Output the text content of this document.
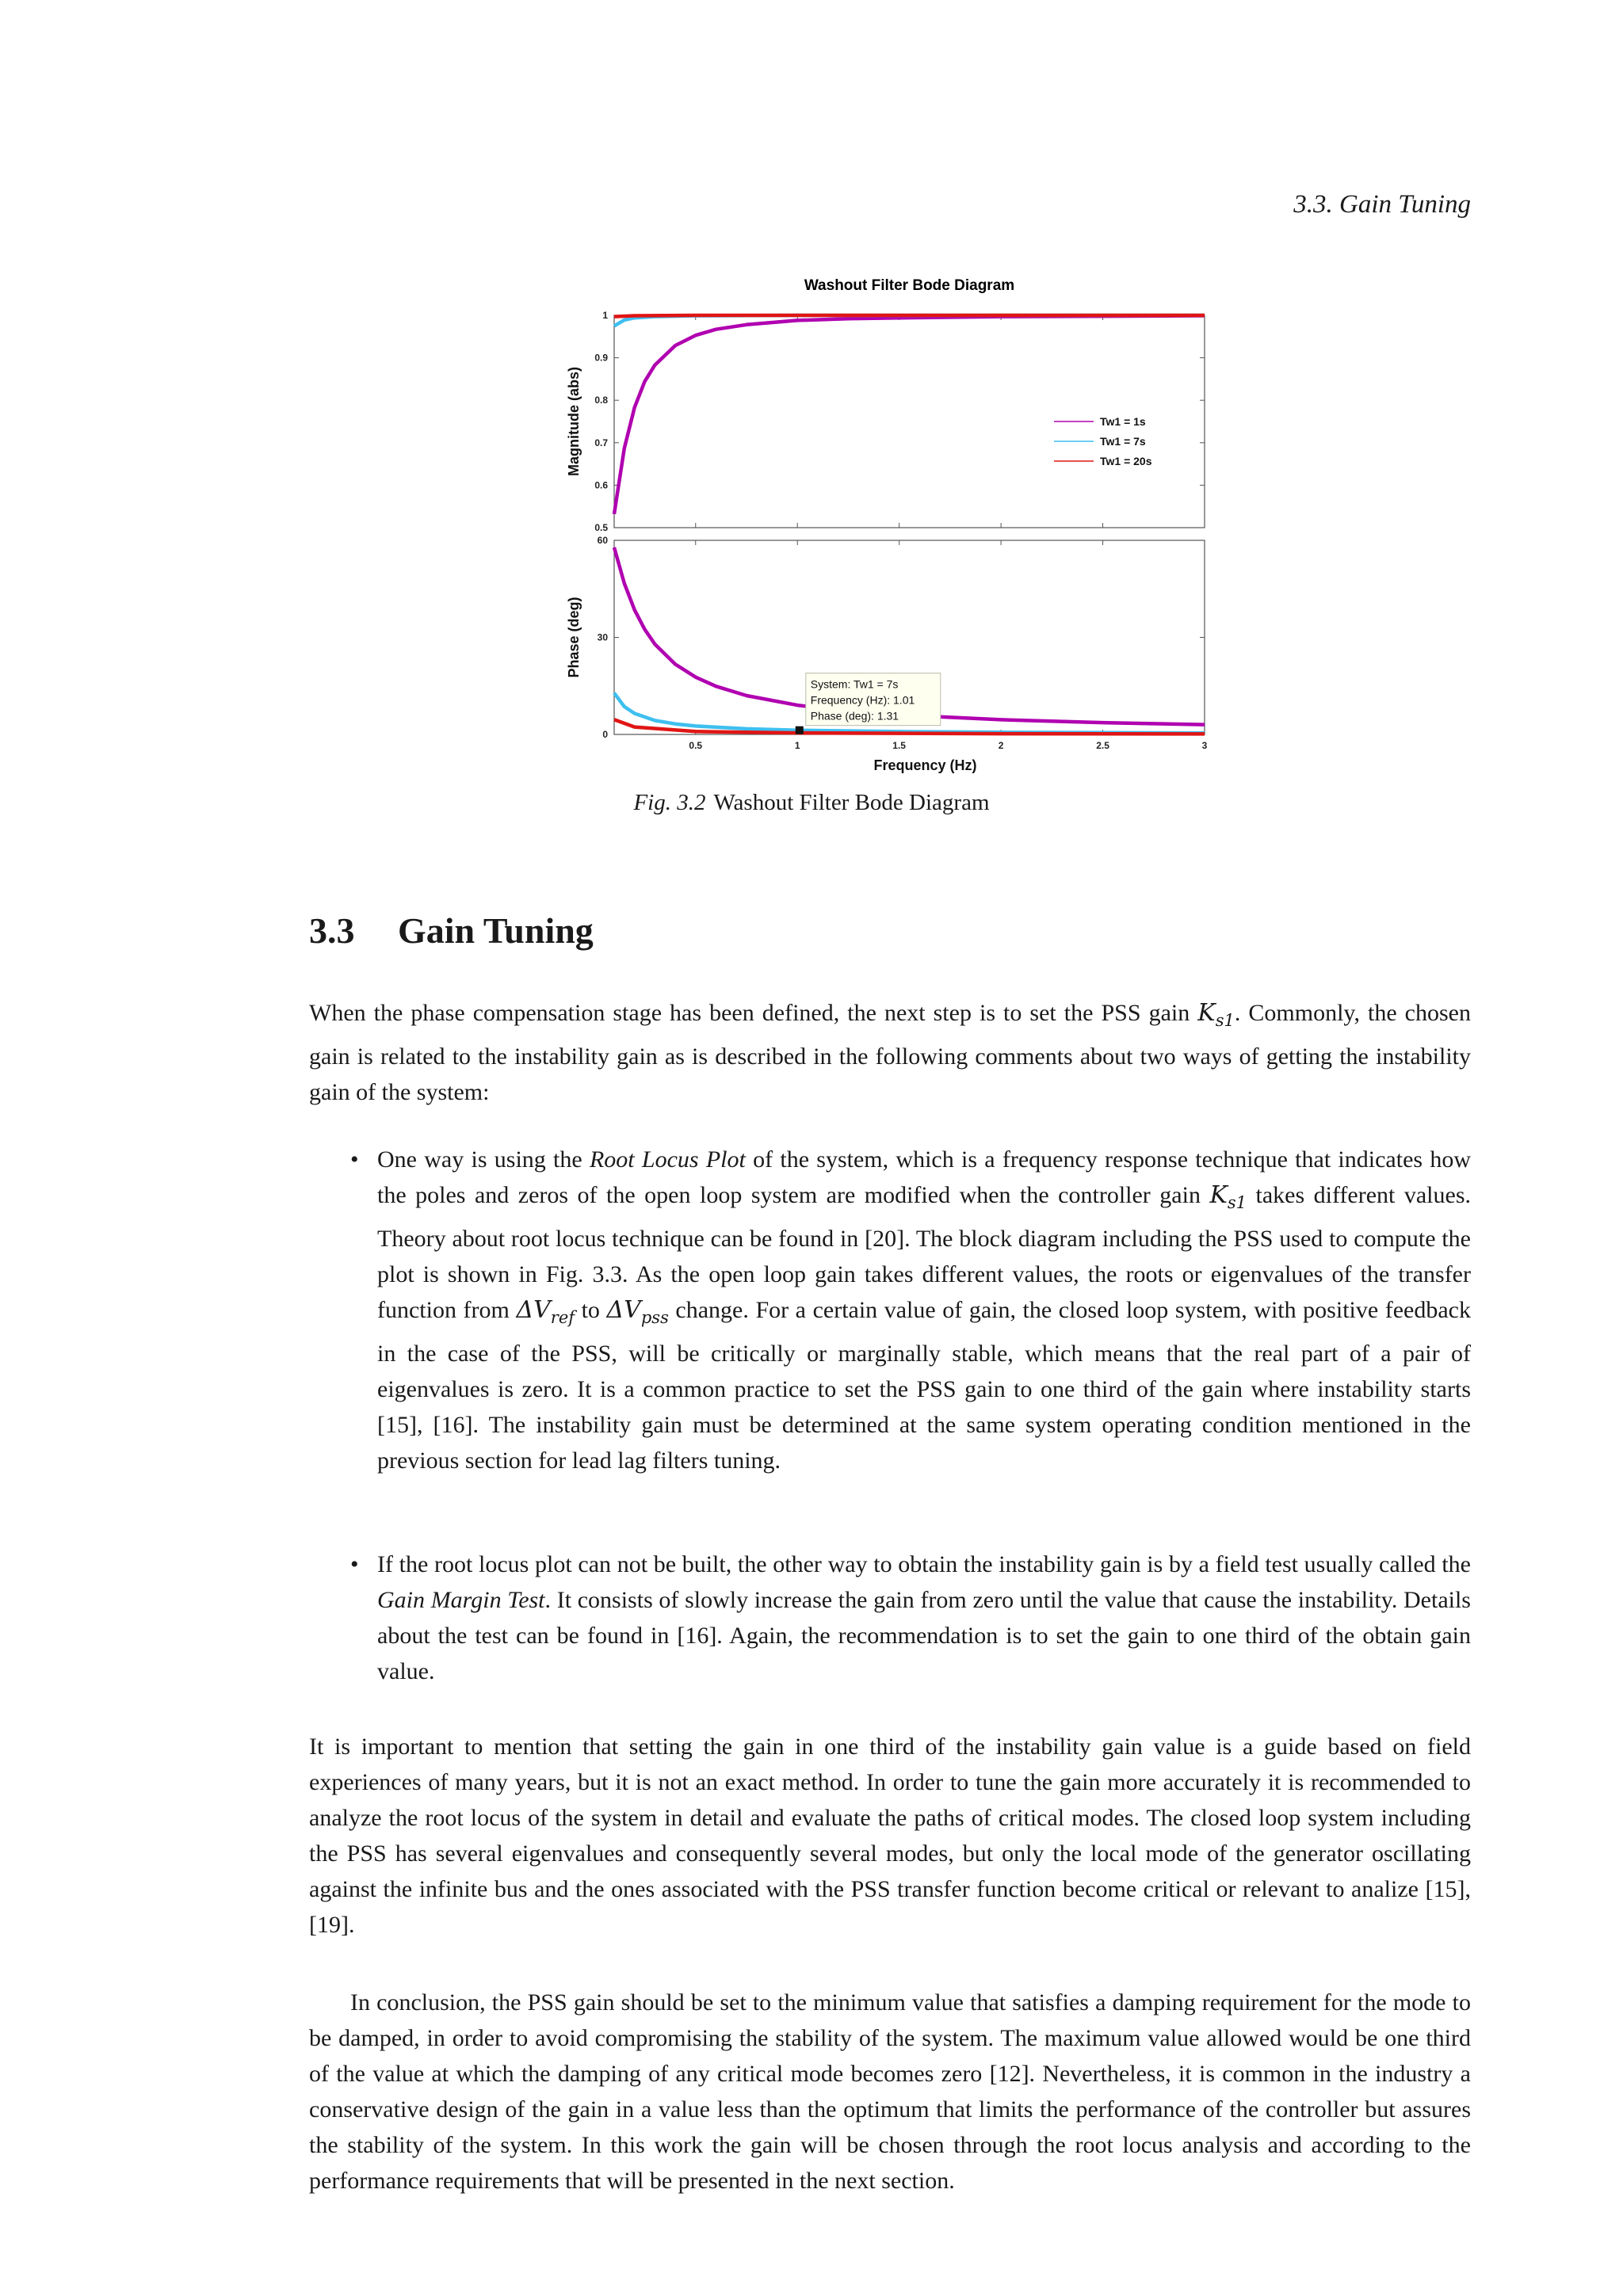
3.3. Gain Tuning
Washout Filter Bode Diagram
0.5
0.6
0.7
0.8
0.9
1
Magnitude (abs)
0
30
60
Phase (deg)
0.5	1	1.5	2	2.5	3
Frequency (Hz)
Tw1 = 1s
Tw1 = 7s
Tw1 = 20s
System: Tw1 = 7s
Frequency (Hz): 1.01
Phase (deg): 1.31
Fig. 3.2 Washout Filter Bode Diagram
3.3 Gain Tuning

When the phase compensation stage has been defined, the next step is to set the PSS gain $K_{s1}$. Commonly, the chosen gain is related to the instability gain as is described in the following comments about two ways of getting the instability gain of the system:

• One way is using the Root Locus Plot of the system, which is a frequency response technique that indicates how the poles and zeros of the open loop system are modified when the controller gain $K_{s1}$ takes different values. Theory about root locus technique can be found in [20]. The block diagram including the PSS used to compute the plot is shown in Fig. 3.3. As the open loop gain takes different values, the roots or eigenvalues of the transfer function from $\Delta V_{ref}$ to $\Delta V_{pss}$ change. For a certain value of gain, the closed loop system, with positive feedback in the case of the PSS, will be critically or marginally stable, which means that the real part of a pair of eigenvalues is zero. It is a common practice to set the PSS gain to one third of the gain where instability starts [15], [16]. The instability gain must be determined at the same system operating condition mentioned in the previous section for lead lag filters tuning.
• If the root locus plot can not be built, the other way to obtain the instability gain is by a field test usually called the Gain Margin Test. It consists of slowly increase the gain from zero until the value that cause the instability. Details about the test can be found in [16]. Again, the recommendation is to set the gain to one third of the obtain gain value.

It is important to mention that setting the gain in one third of the instability gain value is a guide based on field experiences of many years, but it is not an exact method. In order to tune the gain more accurately it is recommended to analyze the root locus of the system in detail and evaluate the paths of critical modes. The closed loop system including the PSS has several eigenvalues and consequently several modes, but only the local mode of the generator oscillating against the infinite bus and the ones associated with the PSS transfer function become critical or relevant to analize [15], [19].

In conclusion, the PSS gain should be set to the minimum value that satisfies a damping requirement for the mode to be damped, in order to avoid compromising the stability of the system. The maximum value allowed would be one third of the value at which the damping of any critical mode becomes zero [12]. Nevertheless, it is common in the industry a conservative design of the gain in a value less than the optimum that limits the performance of the controller but assures the stability of the system. In this work the gain will be chosen through the root locus analysis and according to the performance requirements that will be presented in the next section.
